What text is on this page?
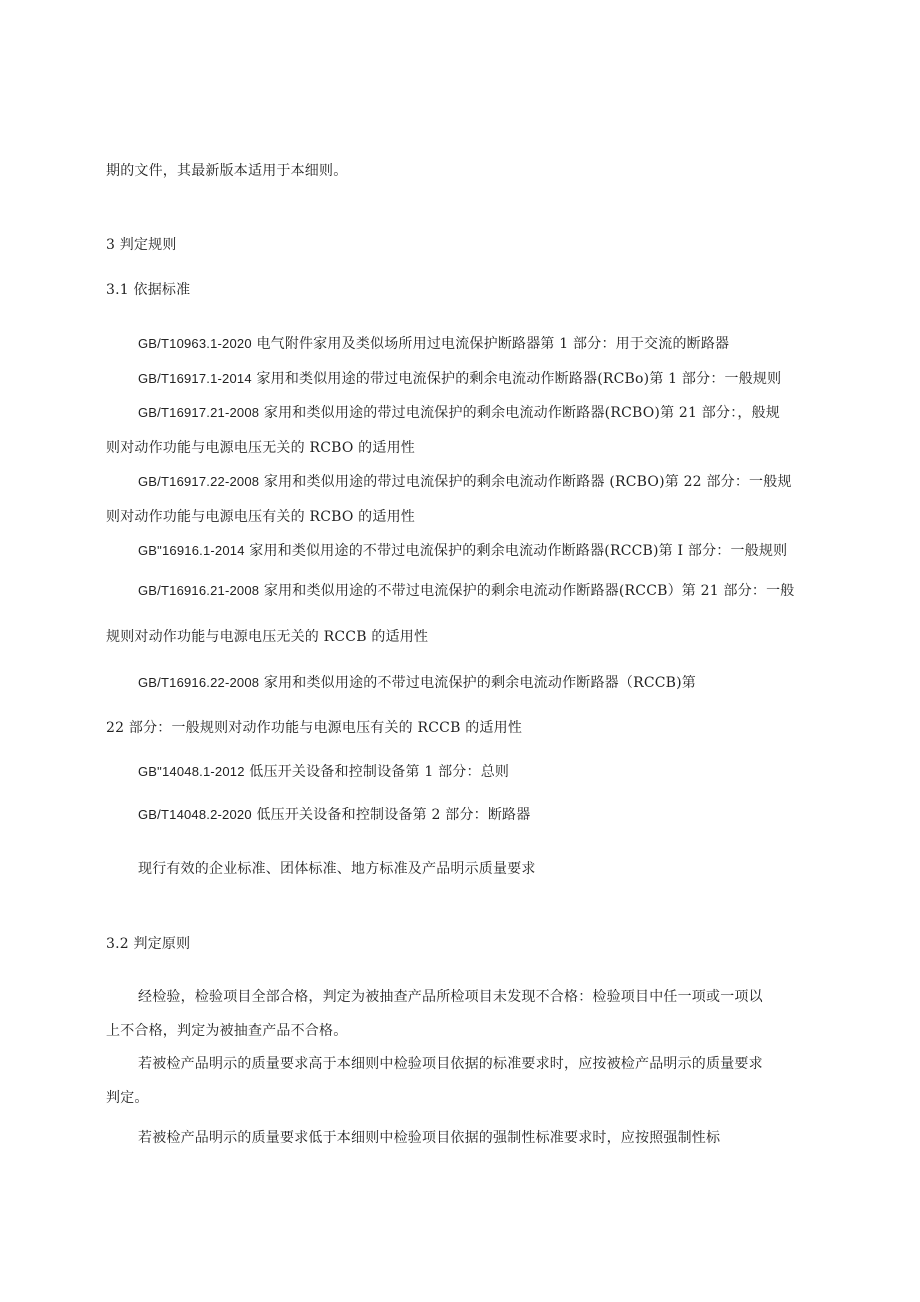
期的文件，其最新版本适用于本细则。
3 判定规则
3.1 依据标准
GB/T10963.1-2020 电气附件家用及类似场所用过电流保护断路器第 1 部分：用于交流的断路器
GB/T16917.1-2014 家用和类似用途的带过电流保护的剩余电流动作断路器(RCBo)第 1 部分：一般规则
GB/T16917.21-2008 家用和类似用途的带过电流保护的剩余电流动作断路器(RCBO)第 21 部分：，般规
则对动作功能与电源电压无关的 RCBO 的适用性
GB/T16917.22-2008 家用和类似用途的带过电流保护的剩余电流动作断路器 (RCBO)第 22 部分：一般规
则对动作功能与电源电压有关的 RCBO 的适用性
GB"16916.1-2014 家用和类似用途的不带过电流保护的剩余电流动作断路器(RCCB)第 I 部分：一般规则
GB/T16916.21-2008 家用和类似用途的不带过电流保护的剩余电流动作断路器(RCCB）第 21 部分：一般
规则对动作功能与电源电压无关的 RCCB 的适用性
GB/T16916.22-2008 家用和类似用途的不带过电流保护的剩余电流动作断路器（RCCB)第
22 部分：一般规则对动作功能与电源电压有关的 RCCB 的适用性
GB"14048.1-2012 低压开关设备和控制设备第 1 部分：总则
GB/T14048.2-2020 低压开关设备和控制设备第 2 部分：断路器
现行有效的企业标准、团体标准、地方标准及产品明示质量要求
3.2 判定原则
经检验，检验项目全部合格，判定为被抽查产品所检项目未发现不合格：检验项目中任一项或一项以
上不合格，判定为被抽查产品不合格。
若被检产品明示的质量要求高于本细则中检验项目依据的标准要求时，应按被检产品明示的质量要求
判定。
若被检产品明示的质量要求低于本细则中检验项目依据的强制性标准要求时，应按照强制性标
